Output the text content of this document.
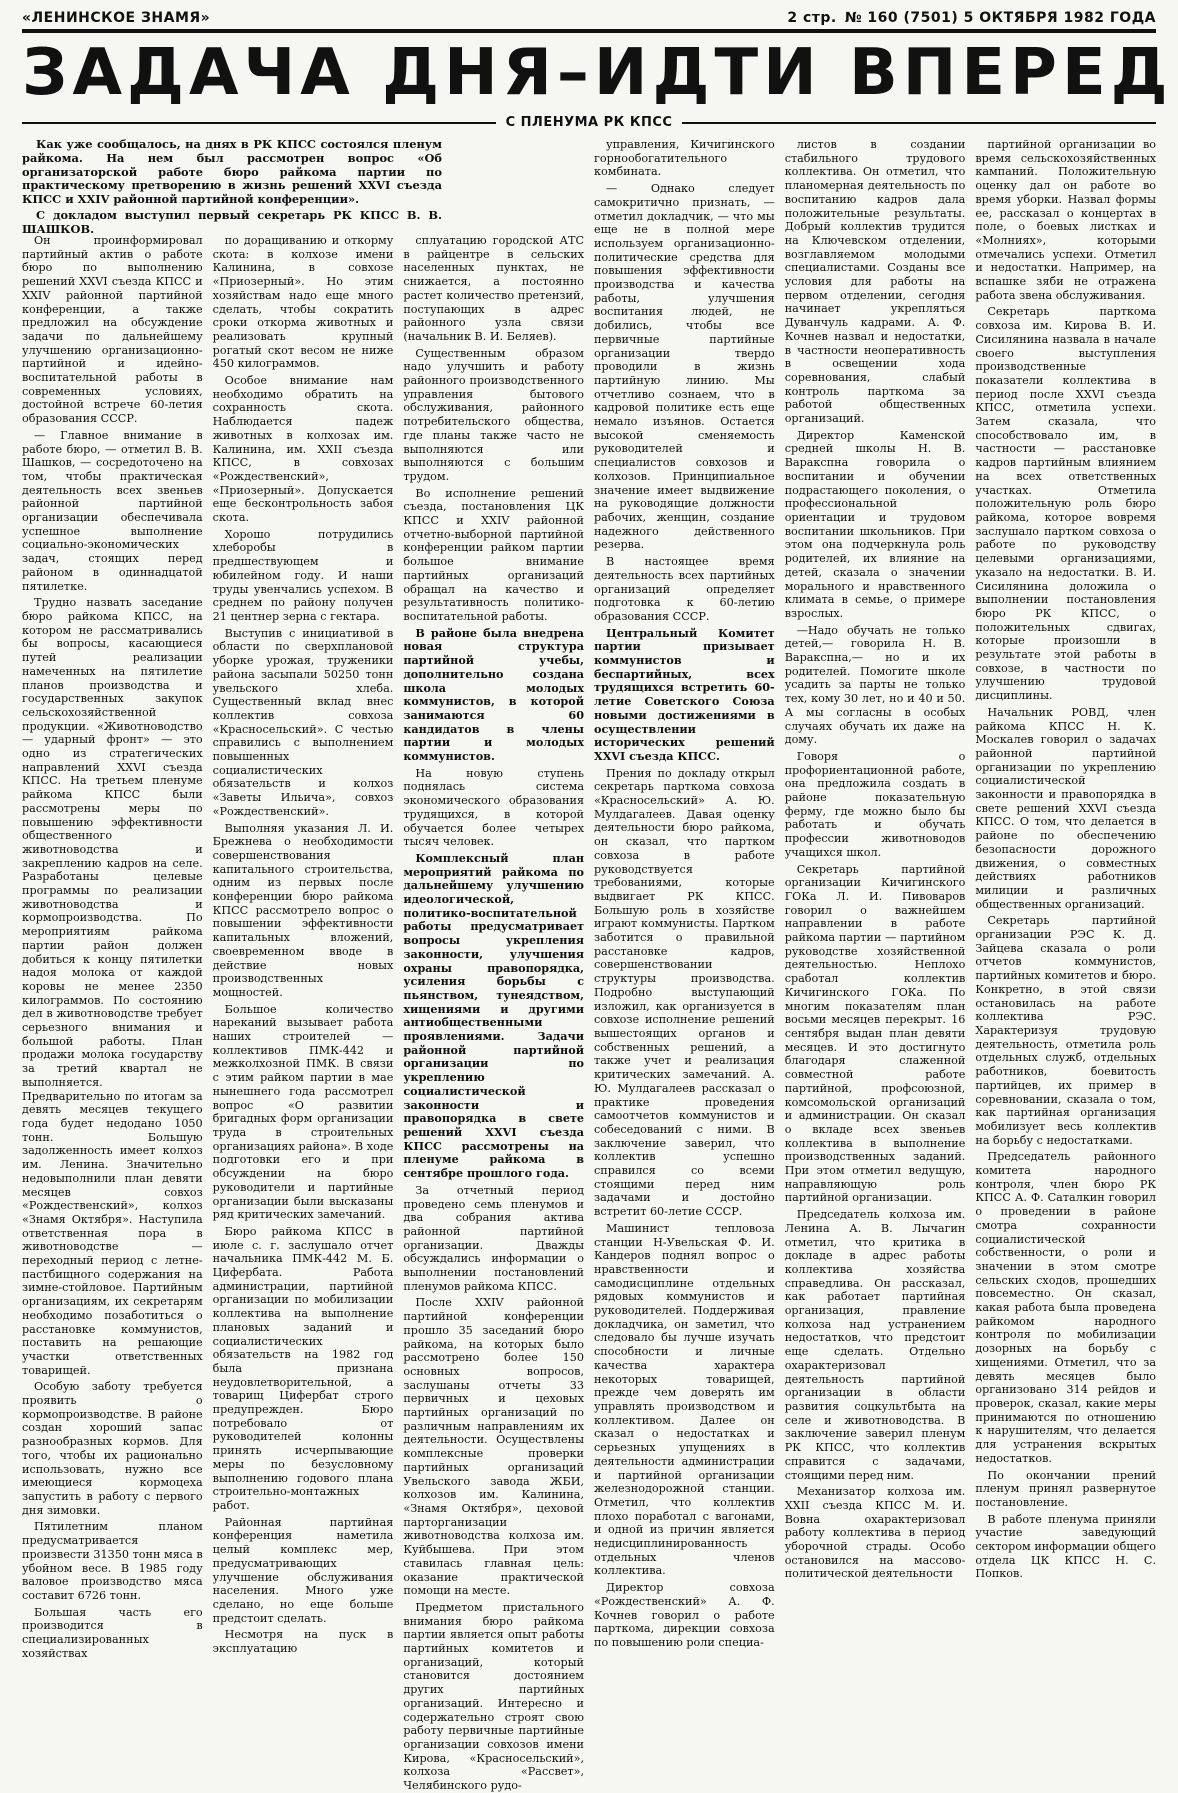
«ЛЕНИНСКОЕ ЗНАМЯ»	2 стр. № 160 (7501) 5 ОКТЯБРЯ 1982 ГОДА
ЗАДАЧА ДНЯ–ИДТИ ВПЕРЕД
С ПЛЕНУМА РК КПСС

Как уже сообщалось, на днях в РК КПСС состоялся пленум райкома. На нем был рассмотрен вопрос «Об организаторской работе бюро райкома партии по практическому претворению в жизнь решений XXVI съезда КПСС и XXIV районной партийной конференции».

С докладом выступил первый секретарь РК КПСС В. В. ШАШКОВ.

Он проинформировал партийный актив о работе бюро по выполнению решений XXVI съезда КПСС и XXIV районной партийной конференции, а также предложил на обсуждение задачи по дальнейшему улучшению организационно-партийной и идейно-воспитательной работы в современных условиях, достойной встрече 60-летия образования СССР.

— Главное внимание в работе бюро, — отметил В. В. Шашков, — сосредоточено на том, чтобы практическая деятельность всех звеньев районной партийной организации обеспечивала успешное выполнение социально-экономических задач, стоящих перед районом в одиннадцатой пятилетке.

Трудно назвать заседание бюро райкома КПСС, на котором не рассматривались бы вопросы, касающиеся путей реализации намеченных на пятилетие планов производства и государственных закупок сельскохозяйственной продукции. «Животноводство — ударный фронт» — это одно из стратегических направлений XXVI съезда КПСС. На третьем пленуме райкома КПСС были рассмотрены меры по повышению эффективности общественного животноводства и закреплению кадров на селе. Разработаны целевые программы по реализации животноводства и кормопроизводства. По мероприятиям райкома партии район должен добиться к концу пятилетки надоя молока от каждой коровы не менее 2350 килограммов. По состоянию дел в животноводстве требует серьезного внимания и большой работы. План продажи молока государству за третий квартал не выполняется. Предварительно по итогам за девять месяцев текущего года будет недодано 1050 тонн. Большую задолженность имеет колхоз им. Ленина. Значительно недовыполнили план девяти месяцев совхоз «Рождественский», колхоз «Знамя Октября». Наступила ответственная пора в животноводстве — переходный период с летне-пастбищного содержания на зимне-стойловое. Партийным организациям, их секретарям необходимо позаботиться о расстановке коммунистов, поставить на решающие участки ответственных товарищей.

Особую заботу требуется проявить о кормопроизводстве. В районе создан хороший запас разнообразных кормов. Для того, чтобы их рационально использовать, нужно все имеющиеся кормоцеха запустить в работу с первого дня зимовки.

Пятилетним планом предусматривается произвести 31350 тонн мяса в убойном весе. В 1985 году валовое производство мяса составит 6726 тонн.

Большая часть его производится в специализированных хозяйствах

по доращиванию и откорму скота: в колхозе имени Калинина, в совхозе «Приозерный». Но этим хозяйствам надо еще много сделать, чтобы сократить сроки откорма животных и реализовать крупный рогатый скот весом не ниже 450 килограммов.

Особое внимание нам необходимо обратить на сохранность скота. Наблюдается падеж животных в колхозах им. Калинина, им. XXII съезда КПСС, в совхозах «Рождественский», «Приозерный». Допускается еще бесконтрольность забоя скота.

Хорошо потрудились хлеборобы в предшествующем и юбилейном году. И наши труды увенчались успехом. В среднем по району получен 21 центнер зерна с гектара.

Выступив с инициативой в области по сверхплановой уборке урожая, труженики района засыпали 50250 тонн увельского хлеба. Существенный вклад внес коллектив совхоза «Красносельский». С честью справились с выполнением повышенных социалистических обязательств и колхоз «Заветы Ильича», совхоз «Рождественский».

Выполняя указания Л. И. Брежнева о необходимости совершенствования капитального строительства, одним из первых после конференции бюро райкома КПСС рассмотрело вопрос о повышении эффективности капитальных вложений, своевременном вводе в действие новых производственных мощностей.

Большое количество нареканий вызывает работа наших строителей — коллективов ПМК-442 и межколхозной ПМК. В связи с этим райком партии в мае нынешнего года рассмотрел вопрос «О развитии бригадных форм организации труда в строительных организациях района». В ходе подготовки его и при обсуждении на бюро руководители и партийные организации были высказаны ряд критических замечаний.

Бюро райкома КПСС в июле с. г. заслушало отчет начальника ПМК-442 М. Б. Цифербата. Работа администрации, партийной организации по мобилизации коллектива на выполнение плановых заданий и социалистических обязательств на 1982 год была признана неудовлетворительной, а товарищ Цифербат строго предупрежден. Бюро потребовало от руководителей колонны принять исчерпывающие меры по безусловному выполнению годового плана строительно-монтажных работ.

Районная партийная конференция наметила целый комплекс мер, предусматривающих улучшение обслуживания населения. Много уже сделано, но еще больше предстоит сделать.

Несмотря на пуск в эксплуатацию

сплуатацию городской АТС в райцентре в сельских населенных пунктах, не снижается, а постоянно растет количество претензий, поступающих в адрес районного узла связи (начальник В. И. Беляев).

Существенным образом надо улучшить и работу районного производственного управления бытового обслуживания, районного потребительского общества, где планы также часто не выполняются или выполняются с большим трудом.

Во исполнение решений съезда, постановления ЦК КПСС и XXIV районной отчетно-выборной партийной конференции райком партии большое внимание партийных организаций обращал на качество и результативность политико-воспитательной работы.

В районе была внедрена новая структура партийной учебы, дополнительно создана школа молодых коммунистов, в которой занимаются 60 кандидатов в члены партии и молодых коммунистов.

На новую ступень поднялась система экономического образования трудящихся, в которой обучается более четырех тысяч человек.

Комплексный план мероприятий райкома по дальнейшему улучшению идеологической, политико-воспитательной работы предусматривает вопросы укрепления законности, улучшения охраны правопорядка, усиления борьбы с пьянством, тунеядством, хищениями и другими антиобщественными проявлениями. Задачи районной партийной организации по укреплению социалистической законности и правопорядка в свете решений XXVI съезда КПСС рассмотрены на пленуме райкома в сентябре прошлого года.

За отчетный период проведено семь пленумов и два собрания актива районной партийной организации. Дважды обсуждались информации о выполнении постановлений пленумов райкома КПСС.

После XXIV районной партийной конференции прошло 35 заседаний бюро райкома, на которых было рассмотрено более 150 основных вопросов, заслушаны отчеты 33 первичных и цеховых партийных организаций по различным направлениям их деятельности. Осуществлены комплексные проверки партийных организаций Увельского завода ЖБИ, колхозов им. Калинина, «Знамя Октября», цеховой парторганизации животноводства колхоза им. Куйбышева. При этом ставилась главная цель: оказание практической помощи на месте.

Предметом пристального внимания бюро райкома партии является опыт работы партийных комитетов и организаций, который становится достоянием других партийных организаций. Интересно и содержательно строят свою работу первичные партийные организации совхозов имени Кирова, «Красносельский», колхоза «Рассвет», Челябинского рудо-

управления, Кичигинского горнообогатительного комбината.

— Однако следует самокритично признать, — отметил докладчик, — что мы еще не в полной мере используем организационно-политические средства для повышения эффективности производства и качества работы, улучшения воспитания людей, не добились, чтобы все первичные партийные организации твердо проводили в жизнь партийную линию. Мы отчетливо сознаем, что в кадровой политике есть еще немало изъянов. Остается высокой сменяемость руководителей и специалистов совхозов и колхозов. Принципиальное значение имеет выдвижение на руководящие должности рабочих, женщин, создание надежного действенного резерва.

В настоящее время деятельность всех партийных организаций определяет подготовка к 60-летию образования СССР.

Центральный Комитет партии призывает коммунистов и беспартийных, всех трудящихся встретить 60-летие Советского Союза новыми достижениями в осуществлении исторических решений XXVI съезда КПСС.

Прения по докладу открыл секретарь парткома совхоза «Красносельский» А. Ю. Мулдагалеев. Давая оценку деятельности бюро райкома, он сказал, что партком совхоза в работе руководствуется требованиями, которые выдвигает РК КПСС. Большую роль в хозяйстве играют коммунисты. Партком заботится о правильной расстановке кадров, совершенствовании структуры производства. Подробно выступающий изложил, как организуется в совхозе исполнение решений вышестоящих органов и собственных решений, а также учет и реализация критических замечаний. А. Ю. Мулдагалеев рассказал о практике проведения самоотчетов коммунистов и собеседований с ними. В заключение заверил, что коллектив успешно справился со всеми стоящими перед ним задачами и достойно встретит 60-летие СССР.

Машинист тепловоза станции Н-Увельская Ф. И. Кандеров поднял вопрос о нравственности и самодисциплине отдельных рядовых коммунистов и руководителей. Поддерживая докладчика, он заметил, что следовало бы лучше изучать способности и личные качества характера некоторых товарищей, прежде чем доверять им управлять производством и коллективом. Далее он сказал о недостатках и серьезных упущениях в деятельности администрации и партийной организации железнодорожной станции. Отметил, что коллектив плохо поработал с вагонами, и одной из причин является недисциплинированность отдельных членов коллектива.

Директор совхоза «Рождественский» А. Ф. Кочнев говорил о работе парткома, дирекции совхоза по повышению роли специа-

листов в создании стабильного трудового коллектива. Он отметил, что планомерная деятельность по воспитанию кадров дала положительные результаты. Добрый коллектив трудится на Ключевском отделении, возглавляемом молодыми специалистами. Созданы все условия для работы на первом отделении, сегодня начинает укрепляться Дуванчуль кадрами. А. Ф. Кочнев назвал и недостатки, в частности неоперативность в освещении хода соревнования, слабый контроль парткома за работой общественных организаций.

Директор Каменской средней школы Н. В. Варакспна говорила о воспитании и обучении подрастающего поколения, о профессиональной ориентации и трудовом воспитании школьников. При этом она подчеркнула роль родителей, их влияние на детей, сказала о значении морального и нравственного климата в семье, о примере взрослых.

—Надо обучать не только детей,— говорила Н. В. Варакспна,— но и их родителей. Помогите школе усадить за парты не только тех, кому 30 лет, но и 40 и 50. А мы согласны в особых случаях обучать их даже на дому.

Говоря о профориентационной работе, она предложила создать в районе показательную ферму, где можно было бы работать и обучать профессии животноводов учащихся школ.

Секретарь партийной организации Кичигинского ГОКа Л. И. Пивоваров говорил о важнейшем направлении в работе райкома партии — партийном руководстве хозяйственной деятельностью. Неплохо сработал коллектив Кичигинского ГОКа. По многим показателям план восьми месяцев перекрыт. 16 сентября выдан план девяти месяцев. И это достигнуто благодаря слаженной совместной работе партийной, профсоюзной, комсомольской организаций и администрации. Он сказал о вкладе всех звеньев коллектива в выполнение производственных заданий. При этом отметил ведущую, направляющую роль партийной организации.

Председатель колхоза им. Ленина А. В. Лычагин отметил, что критика в докладе в адрес работы коллектива хозяйства справедлива. Он рассказал, как работает партийная организация, правление колхоза над устранением недостатков, что предстоит еще сделать. Отдельно охарактеризовал деятельность партийной организации в области развития соцкультбыта на селе и животноводства. В заключение заверил пленум РК КПСС, что коллектив справится с задачами, стоящими перед ним.

Механизатор колхоза им. XXII съезда КПСС М. И. Вовна охарактеризовал работу коллектива в период уборочной страды. Особо остановился на массово-политической деятельности

партийной организации во время сельскохозяйственных кампаний. Положительную оценку дал он работе во время уборки. Назвал формы ее, рассказал о концертах в поле, о боевых листках и «Молниях», которыми отмечались успехи. Отметил и недостатки. Например, на вспашке зяби не отражена работа звена обслуживания.

Секретарь парткома совхоза им. Кирова В. И. Сисилянина назвала в начале своего выступления производственные показатели коллектива в период после XXVI съезда КПСС, отметила успехи. Затем сказала, что способствовало им, в частности — расстановке кадров партийным влиянием на всех ответственных участках. Отметила положительную роль бюро райкома, которое вовремя заслушало партком совхоза о работе по руководству целевыми организациями, указало на недостатки. В. И. Сисилянина доложила о выполнении постановления бюро РК КПСС, о положительных сдвигах, которые произошли в результате этой работы в совхозе, в частности по улучшению трудовой дисциплины.

Начальник РОВД, член райкома КПСС Н. К. Москалев говорил о задачах районной партийной организации по укреплению социалистической законности и правопорядка в свете решений XXVI съезда КПСС. О том, что делается в районе по обеспечению безопасности дорожного движения, о совместных действиях работников милиции и различных общественных организаций.

Секретарь партийной организации РЭС К. Д. Зайцева сказала о роли отчетов коммунистов, партийных комитетов и бюро. Конкретно, в этой связи остановилась на работе коллектива РЭС. Характеризуя трудовую деятельность, отметила роль отдельных служб, отдельных работников, боевитость партийцев, их пример в соревновании, сказала о том, как партийная организация мобилизует весь коллектив на борьбу с недостатками.

Председатель районного комитета народного контроля, член бюро РК КПСС А. Ф. Саталкин говорил о проведении в районе смотра сохранности социалистической собственности, о роли и значении в этом смотре сельских сходов, прошедших повсеместно. Он сказал, какая работа была проведена райкомом народного контроля по мобилизации дозорных на борьбу с хищениями. Отметил, что за девять месяцев было организовано 314 рейдов и проверок, сказал, какие меры принимаются по отношению к нарушителям, что делается для устранения вскрытых недостатков.

По окончании прений пленум принял развернутое постановление.

В работе пленума приняли участие заведующий сектором информации общего отдела ЦК КПСС Н. С. Попков.
